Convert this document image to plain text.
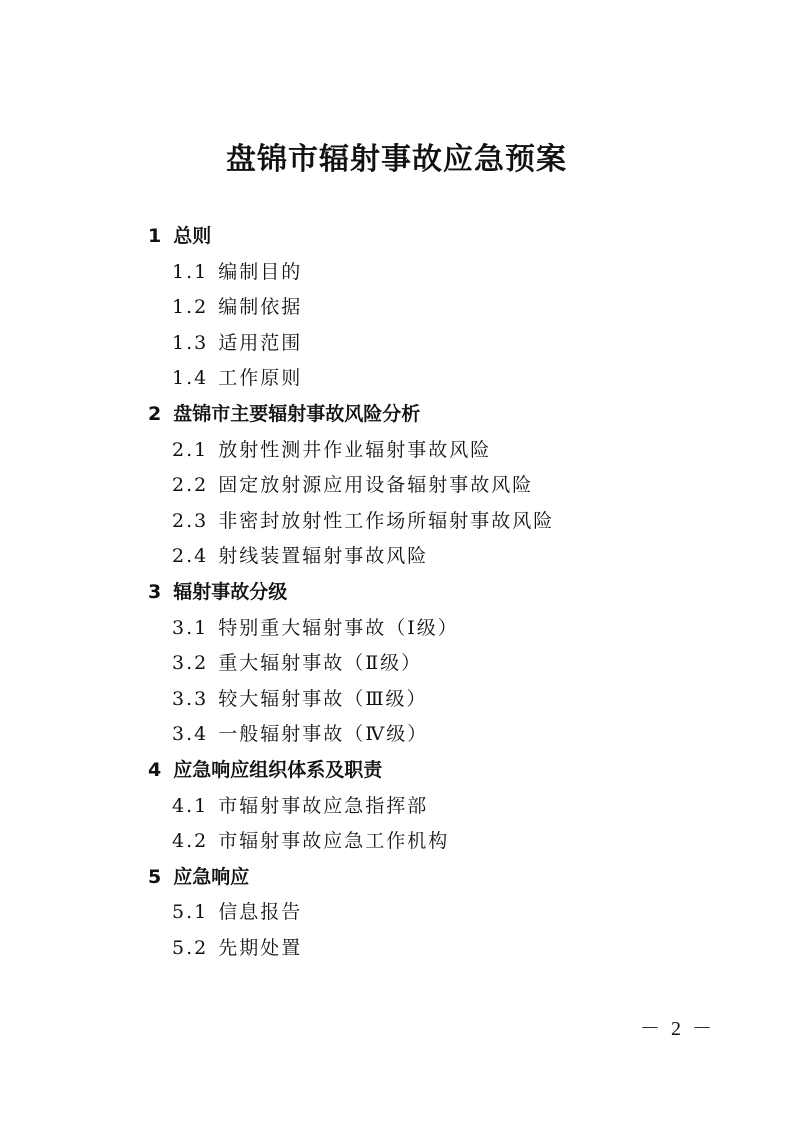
盘锦市辐射事故应急预案
1 总则
1.1 编制目的
1.2 编制依据
1.3 适用范围
1.4 工作原则
2 盘锦市主要辐射事故风险分析
2.1 放射性测井作业辐射事故风险
2.2 固定放射源应用设备辐射事故风险
2.3 非密封放射性工作场所辐射事故风险
2.4 射线装置辐射事故风险
3 辐射事故分级
3.1 特别重大辐射事故（Ⅰ级）
3.2 重大辐射事故（Ⅱ级）
3.3 较大辐射事故（Ⅲ级）
3.4 一般辐射事故（Ⅳ级）
4 应急响应组织体系及职责
4.1 市辐射事故应急指挥部
4.2 市辐射事故应急工作机构
5 应急响应
5.1 信息报告
5.2 先期处置
－ 2 －
